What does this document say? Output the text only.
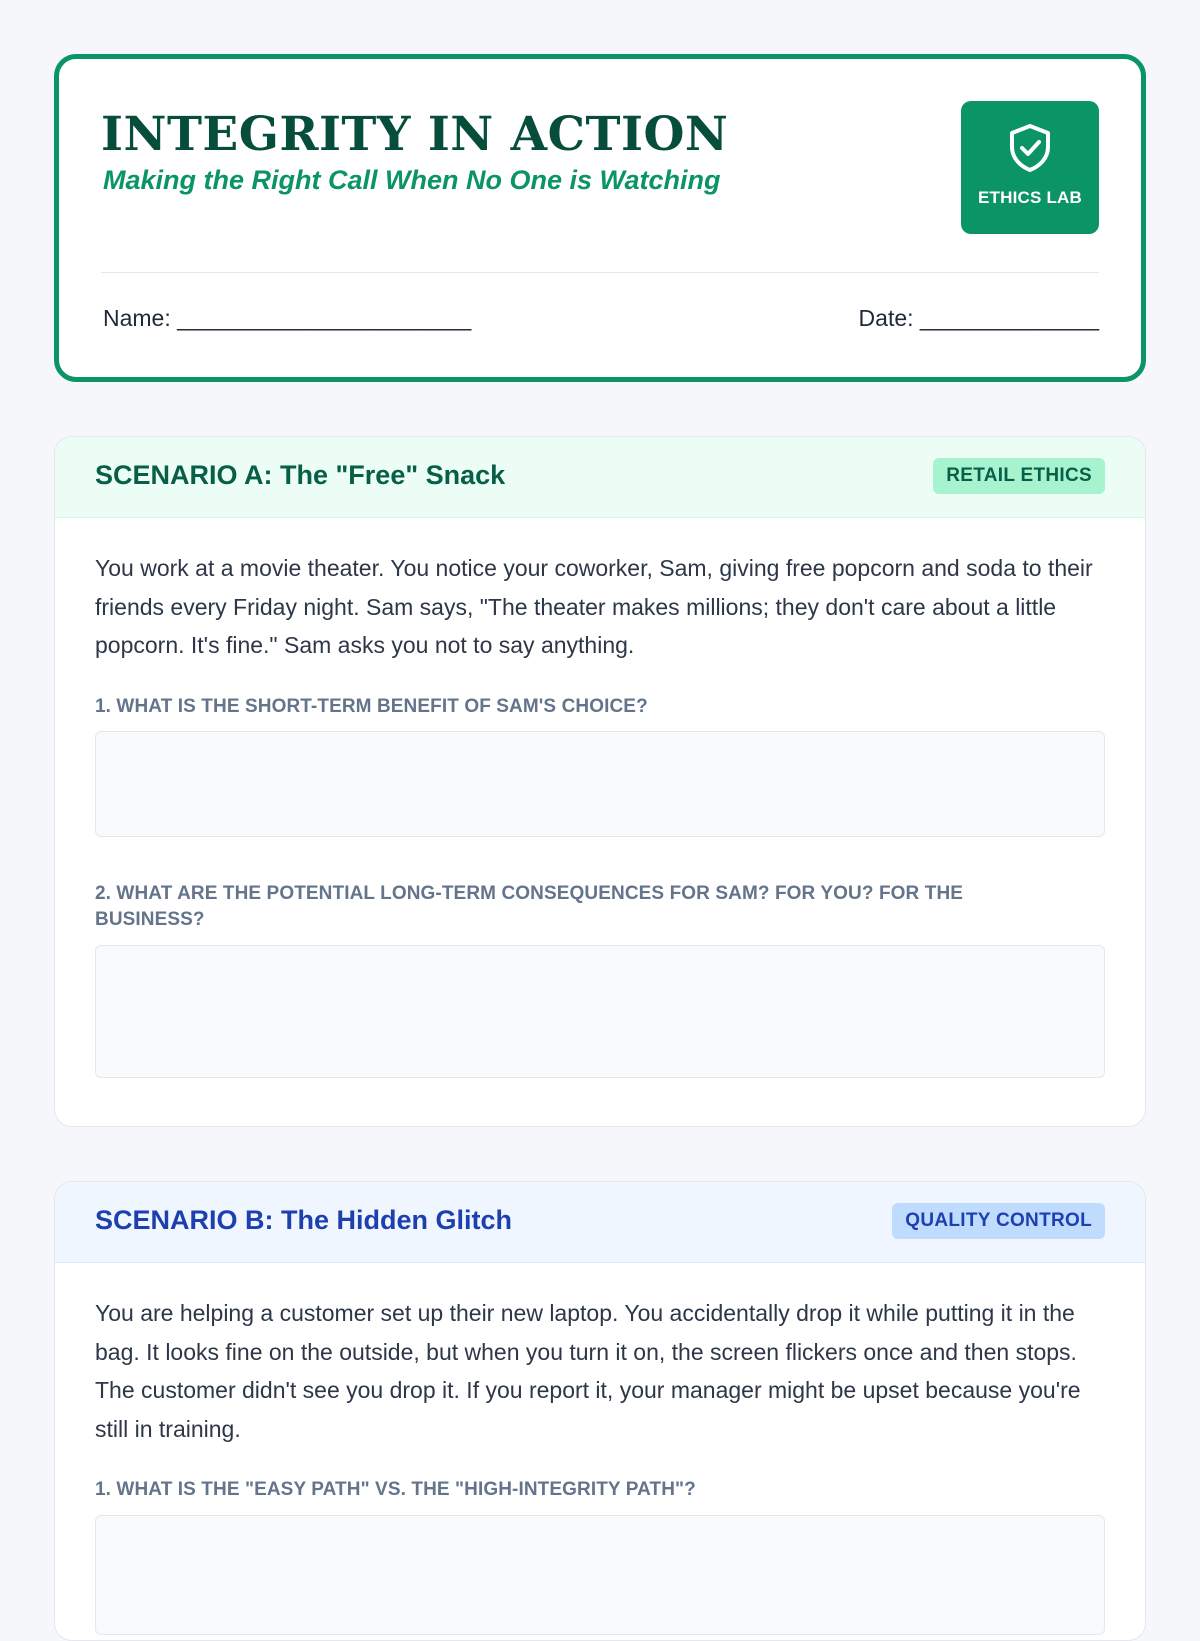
INTEGRITY IN ACTION

Making the Right Call When No One is Watching

ETHICS LAB
Name: _______________________	Date: ______________
SCENARIO A: The "Free" Snack	RETAIL ETHICS

You work at a movie theater. You notice your coworker, Sam, giving free popcorn and soda to their friends every Friday night. Sam says, "The theater makes millions; they don't care about a little popcorn. It's fine." Sam asks you not to say anything.

1. WHAT IS THE SHORT-TERM BENEFIT OF SAM'S CHOICE?

2. WHAT ARE THE POTENTIAL LONG-TERM CONSEQUENCES FOR SAM? FOR YOU? FOR THE BUSINESS?

SCENARIO B: The Hidden Glitch	QUALITY CONTROL

You are helping a customer set up their new laptop. You accidentally drop it while putting it in the bag. It looks fine on the outside, but when you turn it on, the screen flickers once and then stops. The customer didn't see you drop it. If you report it, your manager might be upset because you're still in training.

1. WHAT IS THE "EASY PATH" VS. THE "HIGH-INTEGRITY PATH"?
